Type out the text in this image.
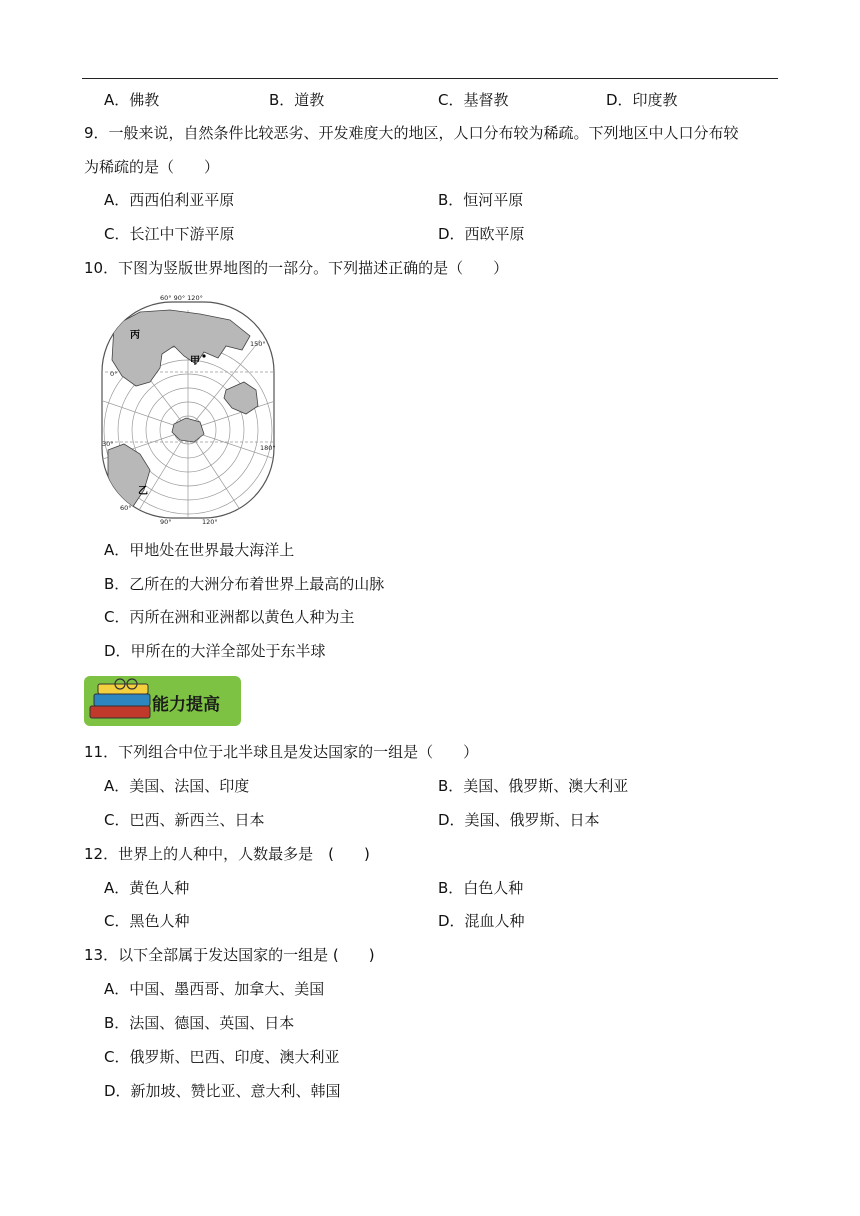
A．佛教	B．道教	C．基督教	D．印度教
9．一般来说，自然条件比较恶劣、开发难度大的地区，人口分布较为稀疏。下列地区中人口分布较
为稀疏的是（　　）
A．西西伯利亚平原	B．恒河平原
C．长江中下游平原	D．西欧平原
10．下图为竖版世界地图的一部分。下列描述正确的是（　　）
60° 90° 120°
150°
0°
30°	180°
60°
90°	120°
丙
甲
乙
A．甲地处在世界最大海洋上
B．乙所在的大洲分布着世界上最高的山脉
C．丙所在洲和亚洲都以黄色人种为主
D．甲所在的大洋全部处于东半球
能力提高
11．下列组合中位于北半球且是发达国家的一组是（　　）
A．美国、法国、印度	B．美国、俄罗斯、澳大利亚
C．巴西、新西兰、日本	D．美国、俄罗斯、日本
12．世界上的人种中，人数最多是　(　　)
A．黄色人种	B．白色人种
C．黑色人种	D．混血人种
13．以下全部属于发达国家的一组是 (　　)
A．中国、墨西哥、加拿大、美国
B．法国、德国、英国、日本
C．俄罗斯、巴西、印度、澳大利亚
D．新加坡、赞比亚、意大利、韩国
